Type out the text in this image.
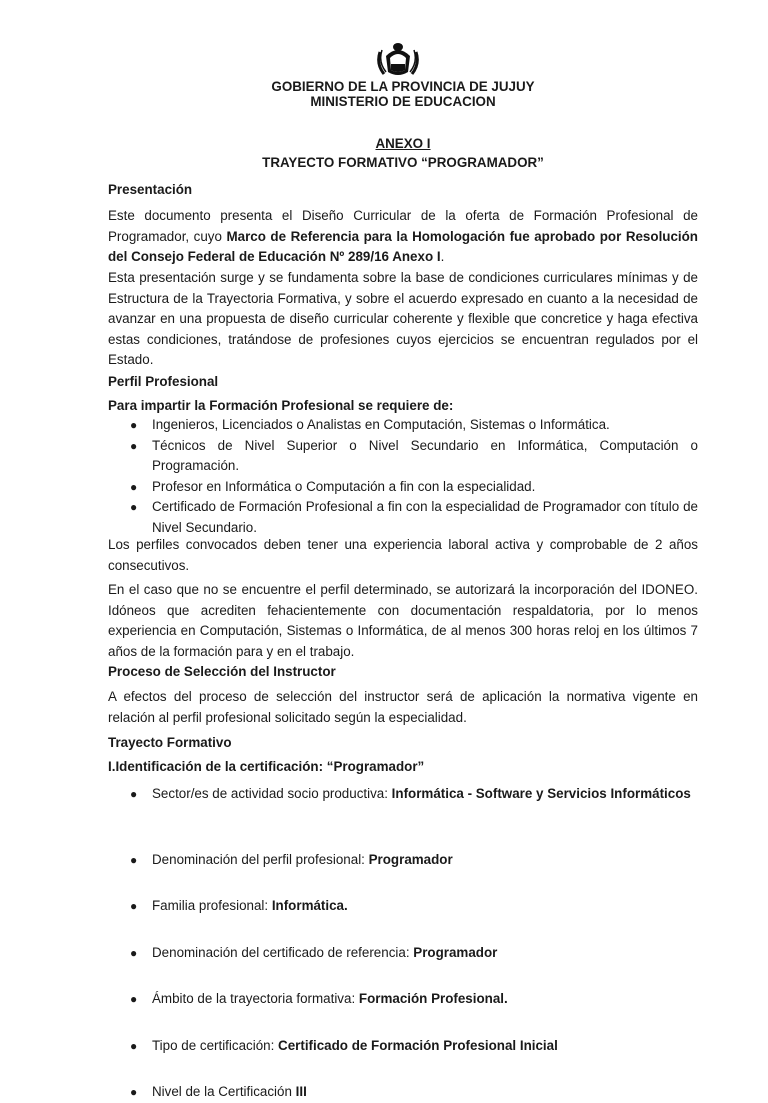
GOBIERNO DE LA PROVINCIA DE JUJUY
MINISTERIO DE EDUCACION
ANEXO I
TRAYECTO FORMATIVO “PROGRAMADOR”
Presentación
Este documento presenta el Diseño Curricular de la oferta de Formación Profesional de Programador, cuyo Marco de Referencia para la Homologación fue aprobado por Resolución del Consejo Federal de Educación Nº 289/16 Anexo I.
Esta presentación surge y se fundamenta sobre la base de condiciones curriculares mínimas y de Estructura de la Trayectoria Formativa, y sobre el acuerdo expresado en cuanto a la necesidad de avanzar en una propuesta de diseño curricular coherente y flexible que concretice y haga efectiva estas condiciones, tratándose de profesiones cuyos ejercicios se encuentran regulados por el Estado.
Perfil Profesional
Para impartir la Formación Profesional se requiere de:
● Ingenieros, Licenciados o Analistas en Computación, Sistemas o Informática.
● Técnicos de Nivel Superior o Nivel Secundario en Informática, Computación o Programación.
● Profesor en Informática o Computación a fin con la especialidad.
● Certificado de Formación Profesional a fin con la especialidad de Programador con título de Nivel Secundario.
Los perfiles convocados deben tener una experiencia laboral activa y comprobable de 2 años consecutivos.
En el caso que no se encuentre el perfil determinado, se autorizará la incorporación del IDONEO. Idóneos que acrediten fehacientemente con documentación respaldatoria, por lo menos experiencia en Computación, Sistemas o Informática, de al menos 300 horas reloj en los últimos 7 años de la formación para y en el trabajo.
Proceso de Selección del Instructor
A efectos del proceso de selección del instructor será de aplicación la normativa vigente en relación al perfil profesional solicitado según la especialidad.
Trayecto Formativo
I.Identificación de la certificación: “Programador”
● Sector/es de actividad socio productiva: Informática - Software y Servicios Informáticos
● Denominación del perfil profesional: Programador
● Familia profesional: Informática.
● Denominación del certificado de referencia: Programador
● Ámbito de la trayectoria formativa: Formación Profesional.
● Tipo de certificación: Certificado de Formación Profesional Inicial
● Nivel de la Certificación III
